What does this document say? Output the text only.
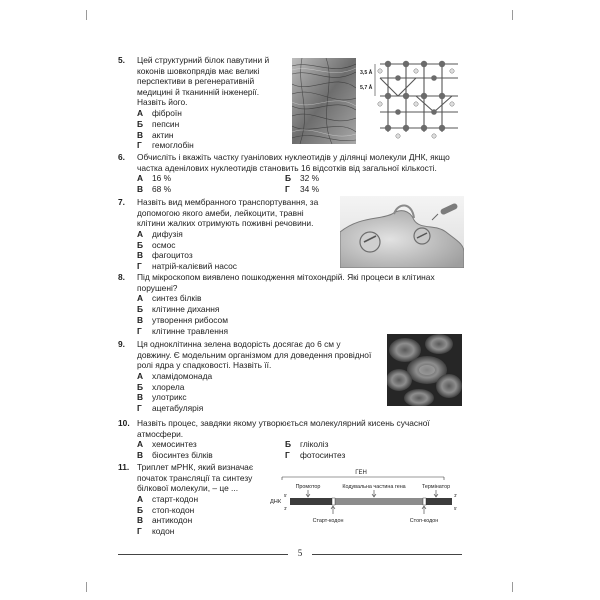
5. Цей структурний білок павутини й коконів шовкопрядів має великі перспективи в регенеративній медицині й тканинній інженерії. Назвіть його.
А	фіброїн
Б	пепсин
В	актин
Г	гемоглобін
3,5 Å
5,7 Å
6. Обчисліть і вкажіть частку гуанілових нуклеотидів у ділянці молекули ДНК, якщо частка аденілових нуклеотидів становить 16 відсотків від загальної кількості.
А	16 %	Б	32 %
В	68 %	Г	34 %
7. Назвіть вид мембранного транспортування, за допомогою якого амеби, лейкоцити, травні клітини жалких отримують поживні речовини.
А	дифузія
Б	осмос
В	фагоцитоз
Г	натрій-калієвий насос
8. Під мікроскопом виявлено пошкодження мітохондрій. Які процеси в клітинах порушені?
А	синтез білків
Б	клітинне дихання
В	утворення рибосом
Г	клітинне травлення
9. Ця одноклітинна зелена водорість досягає до 6 см у довжину. Є модельним організмом для доведення провідної ролі ядра у спадковості. Назвіть її.
А	хламідомонада
Б	хлорела
В	улотрикс
Г	ацетабулярія
10. Назвіть процес, завдяки якому утворюється молекулярний кисень сучасної атмосфери.
А	хемосинтез	Б	гліколіз
В	біосинтез білків	Г	фотосинтез
11. Триплет мРНК, який визначає початок трансляції та синтезу білкової молекули, – це ...
А	старт-кодон
Б	стоп-кодон
В	антикодон
Г	кодон
ГЕН
Промотор	Кодувальна частина гена	Термінатор
ДНК
5'	3'
3'	5'
Старт-кодон	Стоп-кодон
5
